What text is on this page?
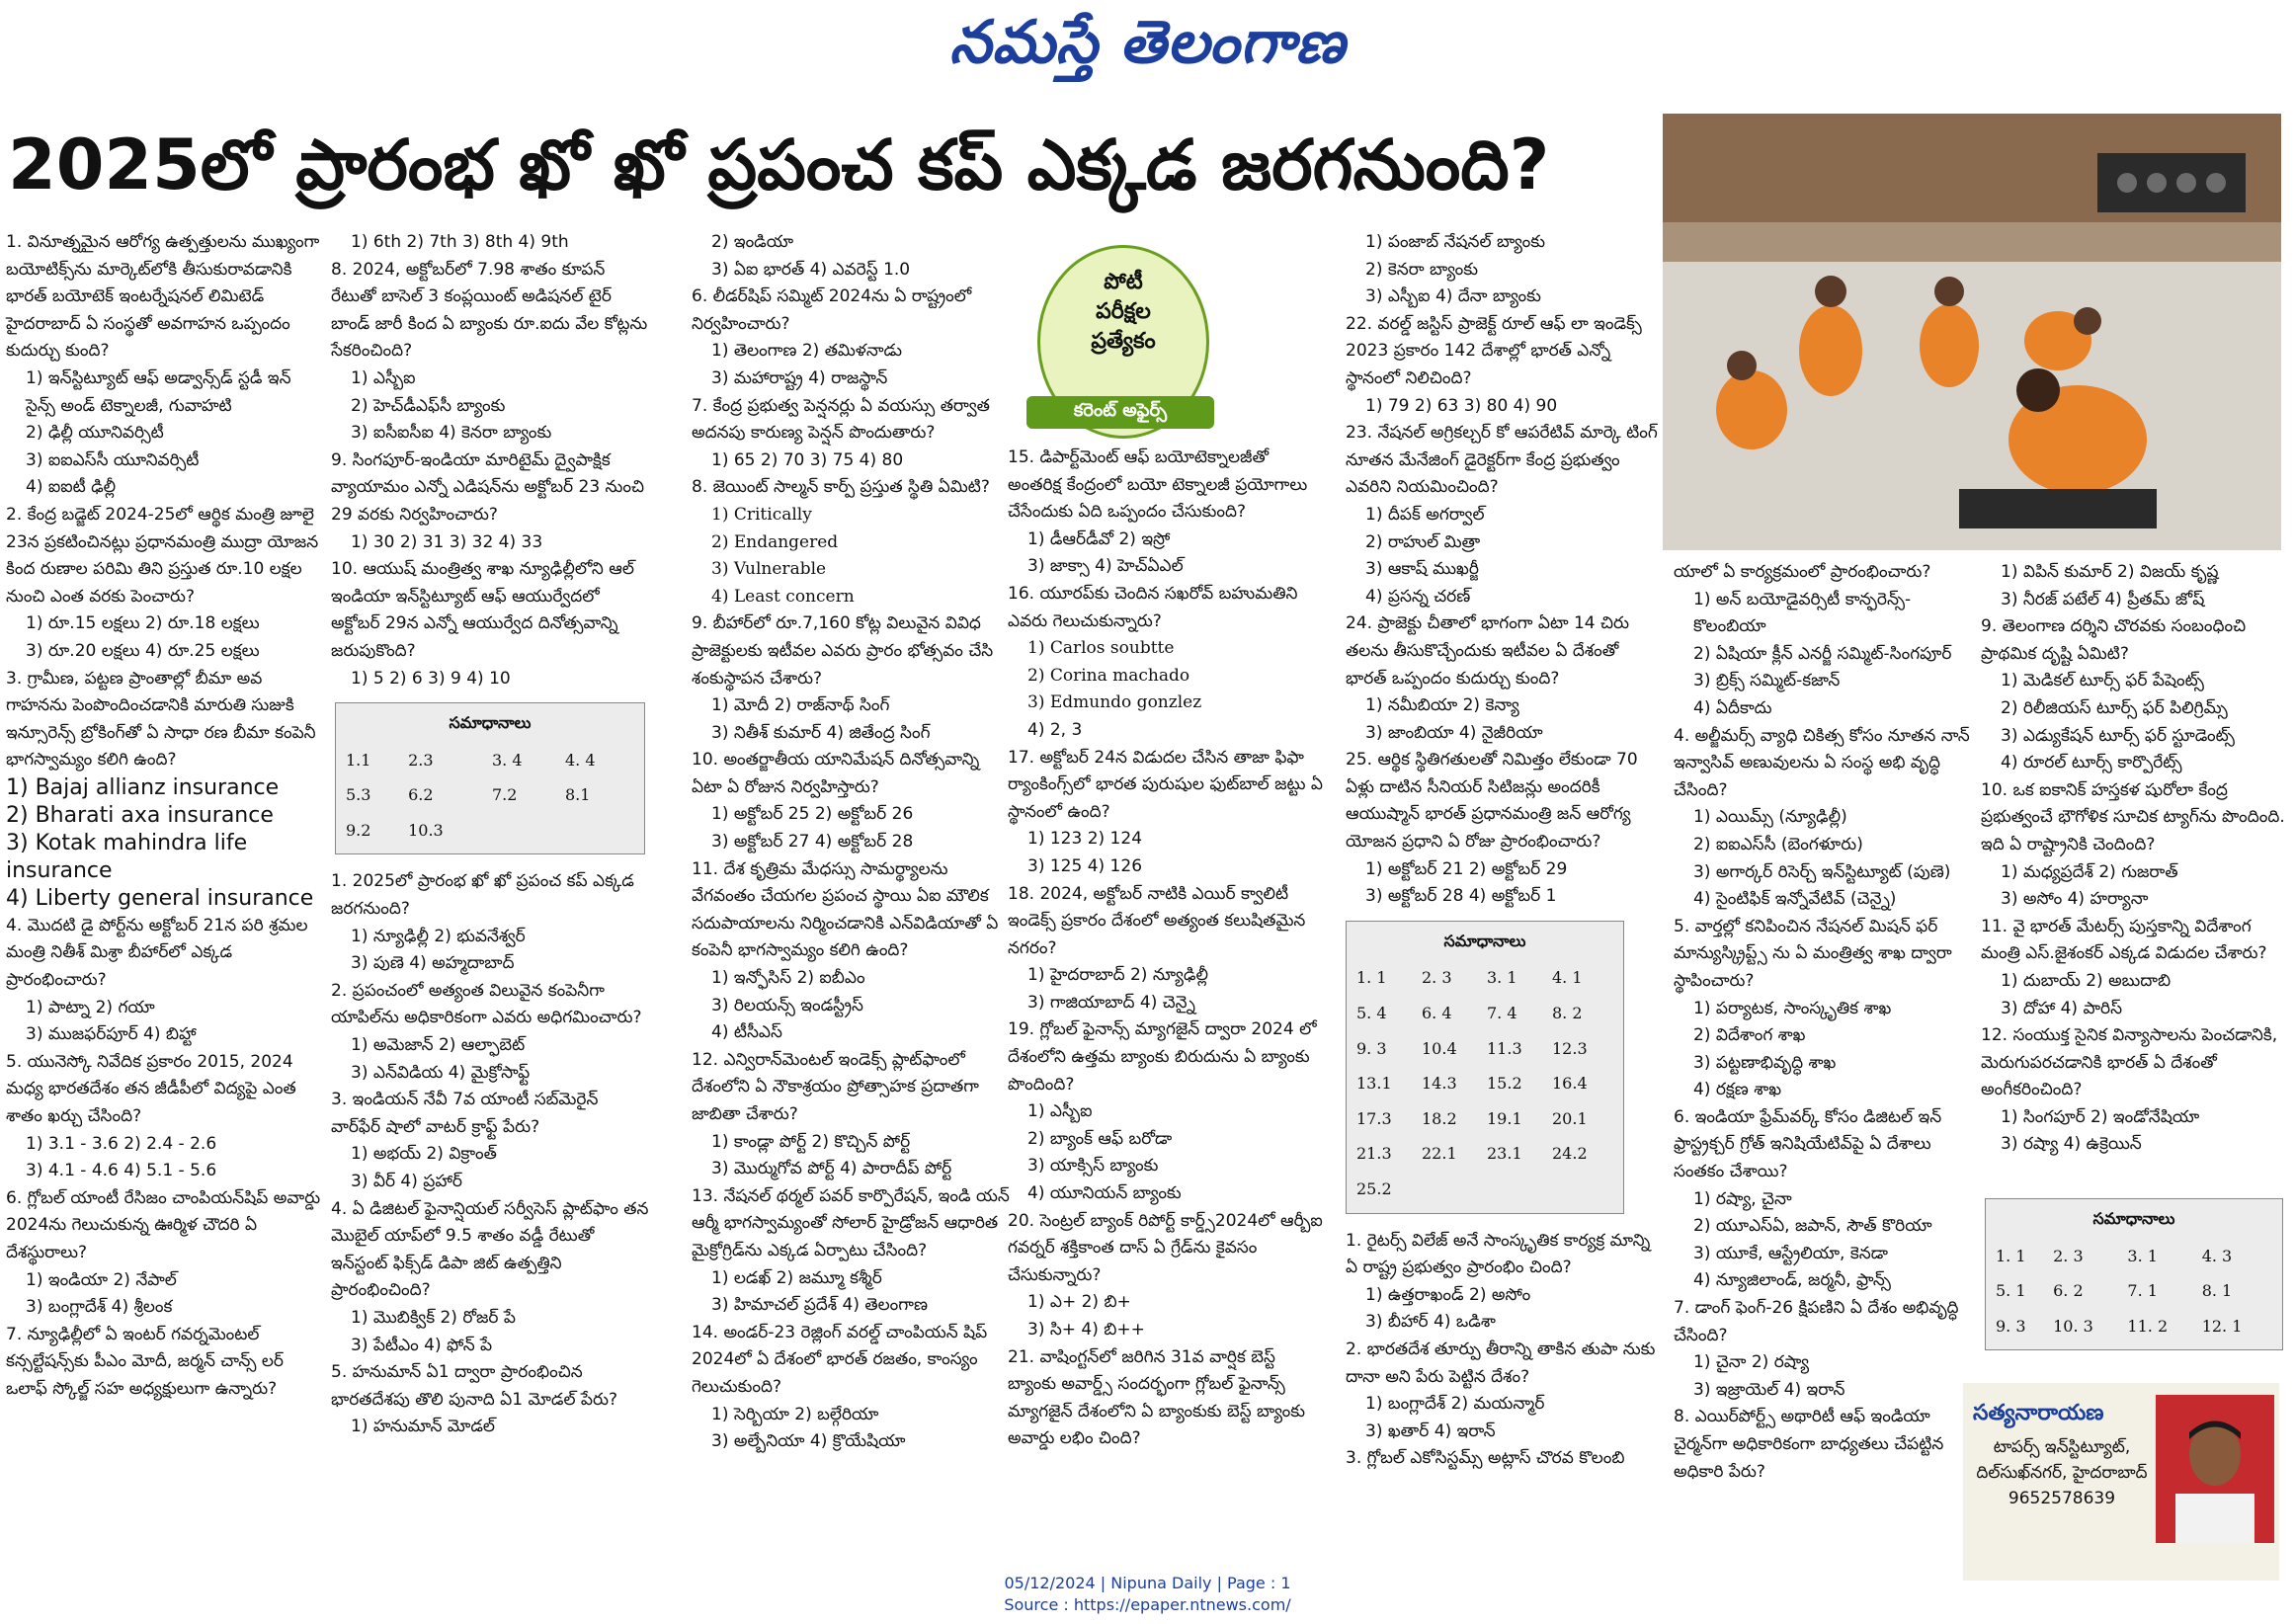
నమస్తే తెలంగాణ
2025లో ప్రారంభ ఖో ఖో ప్రపంచ కప్ ఎక్కడ జరగనుంది?
పోటీ
పరీక్షల
ప్రత్యేకం
కరెంట్ అఫైర్స్

1. వినూత్నమైన ఆరోగ్య ఉత్పత్తులను ముఖ్యంగా బయోటిక్స్‌ను మార్కెట్‌లోకి తీసుకురావడానికి భారత్ బయోటెక్ ఇంటర్నేషనల్ లిమిటెడ్ హైదరాబాద్ ఏ సంస్థతో అవగాహన ఒప్పందం కుదుర్చు కుంది?

1) ఇన్‌స్టిట్యూట్ ఆఫ్ అడ్వాన్స్‌డ్ స్టడీ ఇన్ సైన్స్ అండ్ టెక్నాలజీ, గువాహటి

2) ఢిల్లీ యూనివర్సిటీ

3) ఐఐఎస్‌సీ యూనివర్సిటీ

4) ఐఐటీ ఢిల్లీ

2. కేంద్ర బడ్జెట్ 2024-25లో ఆర్థిక మంత్రి జూలై 23న ప్రకటించినట్లు ప్రధానమంత్రి ముద్రా యోజన కింద రుణాల పరిమి తిని ప్రస్తుత రూ.10 లక్షల నుంచి ఎంత వరకు పెంచారు?

1) రూ.15 లక్షలు 2) రూ.18 లక్షలు

3) రూ.20 లక్షలు 4) రూ.25 లక్షలు

3. గ్రామీణ, పట్టణ ప్రాంతాల్లో బీమా అవ గాహనను పెంపొందించడానికి మారుతి సుజుకి ఇన్సూరెన్స్ బ్రోకింగ్‌తో ఏ సాధా రణ బీమా కంపెనీ భాగస్వామ్యం కలిగి ఉంది?

1) Bajaj allianz insurance

2) Bharati axa insurance

3) Kotak mahindra life insurance

4) Liberty general insurance

4. మొదటి డై పోర్ట్‌ను అక్టోబర్ 21న పరి శ్రమల మంత్రి నితీశ్ మిశ్రా బీహార్‌లో ఎక్కడ ప్రారంభించారు?

1) పాట్నా 2) గయా

3) ముజఫర్‌పూర్ 4) బిహ్టా

5. యునెస్కో నివేదిక ప్రకారం 2015, 2024 మధ్య భారతదేశం తన జీడీపీలో విద్యపై ఎంత శాతం ఖర్చు చేసింది?

1) 3.1 - 3.6 2) 2.4 - 2.6

3) 4.1 - 4.6 4) 5.1 - 5.6

6. గ్లోబల్ యాంటీ రేసిజం చాంపియన్‌షిప్ అవార్డు 2024ను గెలుచుకున్న ఊర్మిళ చౌదరి ఏ దేశస్థురాలు?

1) ఇండియా 2) నేపాల్

3) బంగ్లాదేశ్ 4) శ్రీలంక

7. న్యూఢిల్లీలో ఏ ఇంటర్ గవర్నమెంటల్ కన్సల్టేషన్స్‌కు పీఎం మోదీ, జర్మన్ చాన్స్ లర్ ఒలాఫ్ స్కోల్జ్ సహ అధ్యక్షులుగా ఉన్నారు?

1) 6th 2) 7th 3) 8th 4) 9th

8. 2024, అక్టోబర్‌లో 7.98 శాతం కూపన్ రేటుతో బాసెల్ 3 కంప్లయింట్ అడిషనల్ టైర్ బాండ్ జారీ కింద ఏ బ్యాంకు రూ.ఐదు వేల కోట్లను సేకరించింది?

1) ఎస్బీఐ

2) హెచ్‌డీఎఫ్‌సీ బ్యాంకు

3) ఐసీఐసీఐ 4) కెనరా బ్యాంకు

9. సింగపూర్-ఇండియా మారిటైమ్ ద్వైపాక్షిక వ్యాయామం ఎన్నో ఎడిషన్‌ను అక్టోబర్ 23 నుంచి 29 వరకు నిర్వహించారు?

1) 30 2) 31 3) 32 4) 33

10. ఆయుష్ మంత్రిత్వ శాఖ న్యూఢిల్లీలోని ఆల్ ఇండియా ఇన్‌స్టిట్యూట్ ఆఫ్ ఆయుర్వేదలో అక్టోబర్ 29న ఎన్నో ఆయుర్వేద దినోత్సవాన్ని జరుపుకొంది?

1) 5 2) 6 3) 9 4) 10

సమాధానాలు
1.1	2.3	3. 4	4. 4
5.3	6.2	7.2	8.1
9.2	10.3		

1. 2025లో ప్రారంభ ఖో ఖో ప్రపంచ కప్ ఎక్కడ జరగనుంది?

1) న్యూఢిల్లీ 2) భువనేశ్వర్

3) పుణె 4) అహ్మదాబాద్

2. ప్రపంచంలో అత్యంత విలువైన కంపెనీగా యాపిల్‌ను అధికారికంగా ఎవరు అధిగమించారు?

1) అమెజాన్ 2) ఆల్ఫాబెట్

3) ఎన్‌విడియ 4) మైక్రోసాఫ్ట్

3. ఇండియన్ నేవీ 7వ యాంటీ సబ్‌మెరైన్ వార్‌ఫేర్ షాలో వాటర్ క్రాఫ్ట్ పేరు?

1) అభయ్ 2) విక్రాంత్

3) వీర్ 4) ప్రహార్

4. ఏ డిజిటల్ ఫైనాన్షియల్ సర్వీసెస్ ప్లాట్‌ఫాం తన మొబైల్ యాప్‌లో 9.5 శాతం వడ్డీ రేటుతో ఇన్‌స్టంట్ ఫిక్స్‌డ్ డిపా జిట్ ఉత్పత్తిని ప్రారంభించింది?

1) మొబిక్విక్ 2) రోజర్ పే

3) పేటీఎం 4) ఫోన్ పే

5. హనుమాన్ ఏ1 ద్వారా ప్రారంభించిన భారతదేశపు తొలి పునాది ఏ1 మోడల్ పేరు?

1) హనుమాన్ మోడల్

2) ఇండియా

3) ఏఐ భారత్ 4) ఎవరెస్ట్ 1.0

6. లీడర్‌షిప్ సమ్మిట్ 2024ను ఏ రాష్ట్రంలో నిర్వహించారు?

1) తెలంగాణ 2) తమిళనాడు

3) మహారాష్ట్ర 4) రాజస్థాన్

7. కేంద్ర ప్రభుత్వ పెన్షనర్లు ఏ వయస్సు తర్వాత అదనపు కారుణ్య పెన్షన్ పొందుతారు?

1) 65 2) 70 3) 75 4) 80

8. జెయింట్ సాల్మన్ కార్ప్ ప్రస్తుత స్థితి ఏమిటి?

1) Critically

2) Endangered

3) Vulnerable

4) Least concern

9. బీహార్‌లో రూ.7,160 కోట్ల విలువైన వివిధ ప్రాజెక్టులకు ఇటీవల ఎవరు ప్రారం భోత్సవం చేసి శంకుస్థాపన చేశారు?

1) మోదీ 2) రాజ్‌నాథ్ సింగ్

3) నితీశ్ కుమార్ 4) జితేంద్ర సింగ్

10. అంతర్జాతీయ యానిమేషన్ దినోత్సవాన్ని ఏటా ఏ రోజున నిర్వహిస్తారు?

1) అక్టోబర్ 25 2) అక్టోబర్ 26

3) అక్టోబర్ 27 4) అక్టోబర్ 28

11. దేశ కృత్రిమ మేధస్సు సామర్థ్యాలను వేగవంతం చేయగల ప్రపంచ స్థాయి ఏఐ మౌలిక సదుపాయాలను నిర్మించడానికి ఎన్‌విడియాతో ఏ కంపెనీ భాగస్వామ్యం కలిగి ఉంది?

1) ఇన్ఫోసిస్ 2) ఐబీఎం

3) రిలయన్స్ ఇండస్ట్రీస్

4) టీసీఎస్

12. ఎన్విరాన్‌మెంటల్ ఇండెక్స్ ప్లాట్‌ఫాంలో దేశంలోని ఏ నౌకాశ్రయం ప్రోత్సాహక ప్రదాతగా జాబితా చేశారు?

1) కాండ్లా పోర్ట్ 2) కొచ్చిన్ పోర్ట్

3) మొర్ముగోవ పోర్ట్ 4) పారాదీప్ పోర్ట్

13. నేషనల్ థర్మల్ పవర్ కార్పొరేషన్, ఇండి యన్ ఆర్మీ భాగస్వామ్యంతో సోలార్ హైడ్రోజన్ ఆధారిత మైక్రోగ్రిడ్‌ను ఎక్కడ ఏర్పాటు చేసింది?

1) లడఖ్ 2) జమ్మూ కశ్మీర్

3) హిమాచల్ ప్రదేశ్ 4) తెలంగాణ

14. అండర్-23 రెజ్లింగ్ వరల్డ్ చాంపియన్ షిప్ 2024లో ఏ దేశంలో భారత్ రజతం, కాంస్యం గెలుచుకుంది?

1) సెర్బియా 2) బల్గేరియా

3) అల్బేనియా 4) క్రొయేషియా

15. డిపార్ట్‌మెంట్ ఆఫ్ బయోటెక్నాలజీతో అంతరిక్ష కేంద్రంలో బయో టెక్నాలజీ ప్రయోగాలు చేసేందుకు ఏది ఒప్పందం చేసుకుంది?

1) డీఆర్‌డీవో 2) ఇస్రో

3) జాక్సా 4) హెచ్‌ఏఎల్

16. యూరప్‌కు చెందిన సఖరోవ్ బహుమతిని ఎవరు గెలుచుకున్నారు?

1) Carlos soubtte

2) Corina machado

3) Edmundo gonzlez

4) 2, 3

17. అక్టోబర్ 24న విడుదల చేసిన తాజా ఫిఫా ర్యాంకింగ్స్‌లో భారత పురుషుల ఫుట్‌బాల్ జట్టు ఏ స్థానంలో ఉంది?

1) 123 2) 124

3) 125 4) 126

18. 2024, అక్టోబర్ నాటికి ఎయిర్ క్వాలిటీ ఇండెక్స్ ప్రకారం దేశంలో అత్యంత కలుషితమైన నగరం?

1) హైదరాబాద్ 2) న్యూఢిల్లీ

3) గాజియాబాద్ 4) చెన్నై

19. గ్లోబల్ ఫైనాన్స్ మ్యాగజైన్ ద్వారా 2024 లో దేశంలోని ఉత్తమ బ్యాంకు బిరుదును ఏ బ్యాంకు పొందింది?

1) ఎస్బీఐ

2) బ్యాంక్ ఆఫ్ బరోడా

3) యాక్సిస్ బ్యాంకు

4) యూనియన్ బ్యాంకు

20. సెంట్రల్ బ్యాంక్ రిపోర్ట్ కార్డ్స్2024లో ఆర్బీఐ గవర్నర్ శక్తికాంత దాస్ ఏ గ్రేడ్‌ను కైవసం చేసుకున్నారు?

1) ఎ+ 2) బి+

3) సి+ 4) బి++

21. వాషింగ్టన్‌లో జరిగిన 31వ వార్షిక బెస్ట్ బ్యాంకు అవార్డ్స్ సందర్భంగా గ్లోబల్ ఫైనాన్స్ మ్యాగజైన్ దేశంలోని ఏ బ్యాంకుకు బెస్ట్ బ్యాంకు అవార్డు లభిం చింది?

1) పంజాబ్ నేషనల్ బ్యాంకు

2) కెనరా బ్యాంకు

3) ఎస్బీఐ 4) దేనా బ్యాంకు

22. వరల్డ్ జస్టిస్ ప్రాజెక్ట్ రూల్ ఆఫ్ లా ఇండెక్స్ 2023 ప్రకారం 142 దేశాల్లో భారత్ ఎన్నో స్థానంలో నిలిచింది?

1) 79 2) 63 3) 80 4) 90

23. నేషనల్ అగ్రికల్చర్ కో ఆపరేటివ్ మార్కె టింగ్ నూతన మేనేజింగ్ డైరెక్టర్‌గా కేంద్ర ప్రభుత్వం ఎవరిని నియమించింది?

1) దీపక్ అగర్వాల్

2) రాహుల్ మిత్రా

3) ఆకాష్ ముఖర్జీ

4) ప్రసన్న చరణ్

24. ప్రాజెక్టు చీతాలో భాగంగా ఏటా 14 చిరు తలను తీసుకొచ్చేందుకు ఇటీవల ఏ దేశంతో భారత్ ఒప్పందం కుదుర్చు కుంది?

1) నమీబియా 2) కెన్యా

3) జాంబియా 4) నైజీరియా

25. ఆర్థిక స్థితిగతులతో నిమిత్తం లేకుండా 70 ఏళ్లు దాటిన సీనియర్ సిటిజన్లు అందరికీ ఆయుష్మాన్ భారత్ ప్రధానమంత్రి జన్ ఆరోగ్య యోజన ప్రధాని ఏ రోజు ప్రారంభించారు?

1) అక్టోబర్ 21 2) అక్టోబర్ 29

3) అక్టోబర్ 28 4) అక్టోబర్ 1

సమాధానాలు
1. 1	2. 3	3. 1	4. 1
5. 4	6. 4	7. 4	8. 2
9. 3	10.4	11.3	12.3
13.1	14.3	15.2	16.4
17.3	18.2	19.1	20.1
21.3	22.1	23.1	24.2
25.2			

1. రైటర్స్ విలేజ్ అనే సాంస్కృతిక కార్యక్ర మాన్ని ఏ రాష్ట్ర ప్రభుత్వం ప్రారంభిం చింది?

1) ఉత్తరాఖండ్ 2) అసోం

3) బీహార్ 4) ఒడిశా

2. భారతదేశ తూర్పు తీరాన్ని తాకిన తుపా నుకు దానా అని పేరు పెట్టిన దేశం?

1) బంగ్లాదేశ్ 2) మయన్మార్

3) ఖతార్ 4) ఇరాన్

3. గ్లోబల్ ఎకోసిస్టమ్స్ అట్లాస్ చొరవ కొలంబి

యాలో ఏ కార్యక్రమంలో ప్రారంభించారు?

1) అన్ బయోడైవర్సిటీ కాన్ఫరెన్స్-కొలంబియా

2) ఏషియా క్లీన్ ఎనర్జీ సమ్మిట్-సింగపూర్

3) బ్రిక్స్ సమ్మిట్-కజాన్

4) ఏదీకాదు

4. అల్జీమర్స్ వ్యాధి చికిత్స కోసం నూతన నాన్ ఇన్వాసివ్ అణువులను ఏ సంస్థ అభి వృద్ధి చేసింది?

1) ఎయిమ్స్ (న్యూఢిల్లీ)

2) ఐఐఎస్‌సీ (బెంగళూరు)

3) అగార్కర్ రిసెర్చ్ ఇన్‌స్టిట్యూట్ (పుణె)

4) సైంటిఫిక్ ఇన్నోవేటివ్ (చెన్నై)

5. వార్తల్లో కనిపించిన నేషనల్ మిషన్ ఫర్ మాన్యుస్క్రిప్ట్స్ ను ఏ మంత్రిత్వ శాఖ ద్వారా స్థాపించారు?

1) పర్యాటక, సాంస్కృతిక శాఖ

2) విదేశాంగ శాఖ

3) పట్టణాభివృద్ధి శాఖ

4) రక్షణ శాఖ

6. ఇండియా ఫ్రేమ్‌వర్క్ కోసం డిజిటల్ ఇన్ ఫ్రాస్ట్రక్చర్ గ్రోత్ ఇనిషియేటివ్‌పై ఏ దేశాలు సంతకం చేశాయి?

1) రష్యా, చైనా

2) యూఎస్ఏ, జపాన్, సౌత్ కొరియా

3) యూకే, ఆస్ట్రేలియా, కెనడా

4) న్యూజిలాండ్, జర్మనీ, ఫ్రాన్స్

7. డాంగ్ ఫెంగ్-26 క్షిపణిని ఏ దేశం అభివృద్ధి చేసింది?

1) చైనా 2) రష్యా

3) ఇజ్రాయెల్ 4) ఇరాన్

8. ఎయిర్‌పోర్ట్స్ అథారిటీ ఆఫ్ ఇండియా చైర్మన్‌గా అధికారికంగా బాధ్యతలు చేపట్టిన అధికారి పేరు?

1) విపిన్ కుమార్ 2) విజయ్ కృష్ణ

3) నీరజ్ పటేల్ 4) ప్రీతమ్ జోష్

9. తెలంగాణ దర్శిని చొరవకు సంబంధించి ప్రాథమిక దృష్టి ఏమిటి?

1) మెడికల్ టూర్స్ ఫర్ పేషెంట్స్

2) రిలీజియస్ టూర్స్ ఫర్ పిలిగ్రిమ్స్

3) ఎడ్యుకేషన్ టూర్స్ ఫర్ స్టూడెంట్స్

4) రూరల్ టూర్స్ కార్పొరేట్స్

10. ఒక ఐకానిక్ హస్తకళ షురోలా కేంద్ర ప్రభుత్వంచే భౌగోళిక సూచిక ట్యాగ్‌ను పొందింది. ఇది ఏ రాష్ట్రానికి చెందింది?

1) మధ్యప్రదేశ్ 2) గుజరాత్

3) అసోం 4) హర్యానా

11. వై భారత్ మేటర్స్ పుస్తకాన్ని విదేశాంగ మంత్రి ఎస్.జైశంకర్ ఎక్కడ విడుదల చేశారు?

1) దుబాయ్ 2) అబుదాబి

3) దోహా 4) పారిస్

12. సంయుక్త సైనిక విన్యాసాలను పెంచడానికి, మెరుగుపరచడానికి భారత్ ఏ దేశంతో అంగీకరించింది?

1) సింగపూర్ 2) ఇండోనేషియా

3) రష్యా 4) ఉక్రెయిన్

సమాధానాలు
1. 1	2. 3	3. 1	4. 3
5. 1	6. 2	7. 1	8. 1
9. 3	10. 3	11. 2	12. 1
సత్యనారాయణ
టాపర్స్ ఇన్‌స్టిట్యూట్,
దిల్‌సుఖ్‌నగర్, హైదరాబాద్
9652578639
05/12/2024 | Nipuna Daily | Page : 1
Source : https://epaper.ntnews.com/
